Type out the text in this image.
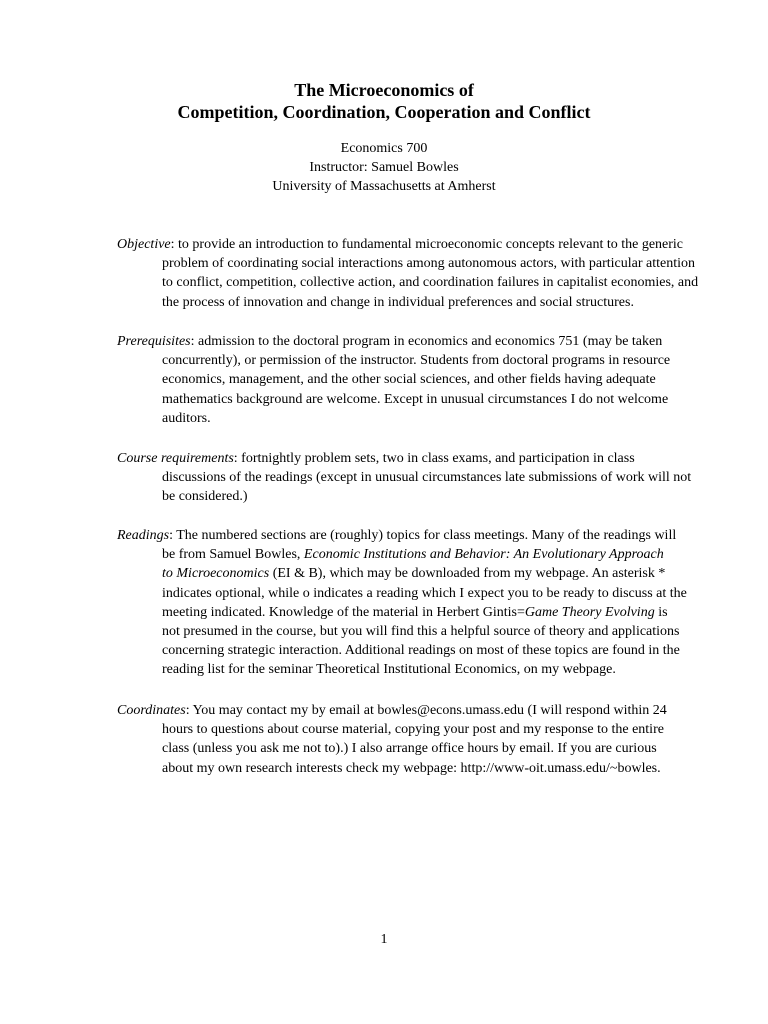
The Microeconomics of
Competition, Coordination, Cooperation and Conflict
Economics 700
Instructor: Samuel Bowles
University of Massachusetts at Amherst
Objective: to provide an introduction to fundamental microeconomic concepts relevant to the generic
problem of coordinating social interactions among autonomous actors, with particular attention
to conflict, competition, collective action, and coordination failures in capitalist economies, and
the process of innovation and change in individual preferences and social structures.
Prerequisites: admission to the doctoral program in economics and economics 751 (may be taken
concurrently), or permission of the instructor. Students from doctoral programs in resource
economics, management, and the other social sciences, and other fields having adequate
mathematics background are welcome. Except in unusual circumstances I do not welcome
auditors.
Course requirements: fortnightly problem sets, two in class exams, and participation in class
discussions of the readings (except in unusual circumstances late submissions of work will not
be considered.)
Readings: The numbered sections are (roughly) topics for class meetings. Many of the readings will
be from Samuel Bowles, Economic Institutions and Behavior: An Evolutionary Approach
to Microeconomics (EI & B), which may be downloaded from my webpage. An asterisk *
indicates optional, while o indicates a reading which I expect you to be ready to discuss at the
meeting indicated. Knowledge of the material in Herbert Gintis=Game Theory Evolving is
not presumed in the course, but you will find this a helpful source of theory and applications
concerning strategic interaction. Additional readings on most of these topics are found in the
reading list for the seminar Theoretical Institutional Economics, on my webpage.
Coordinates: You may contact my by email at bowles@econs.umass.edu (I will respond within 24
hours to questions about course material, copying your post and my response to the entire
class (unless you ask me not to).) I also arrange office hours by email. If you are curious
about my own research interests check my webpage: http://www-oit.umass.edu/~bowles.
1
